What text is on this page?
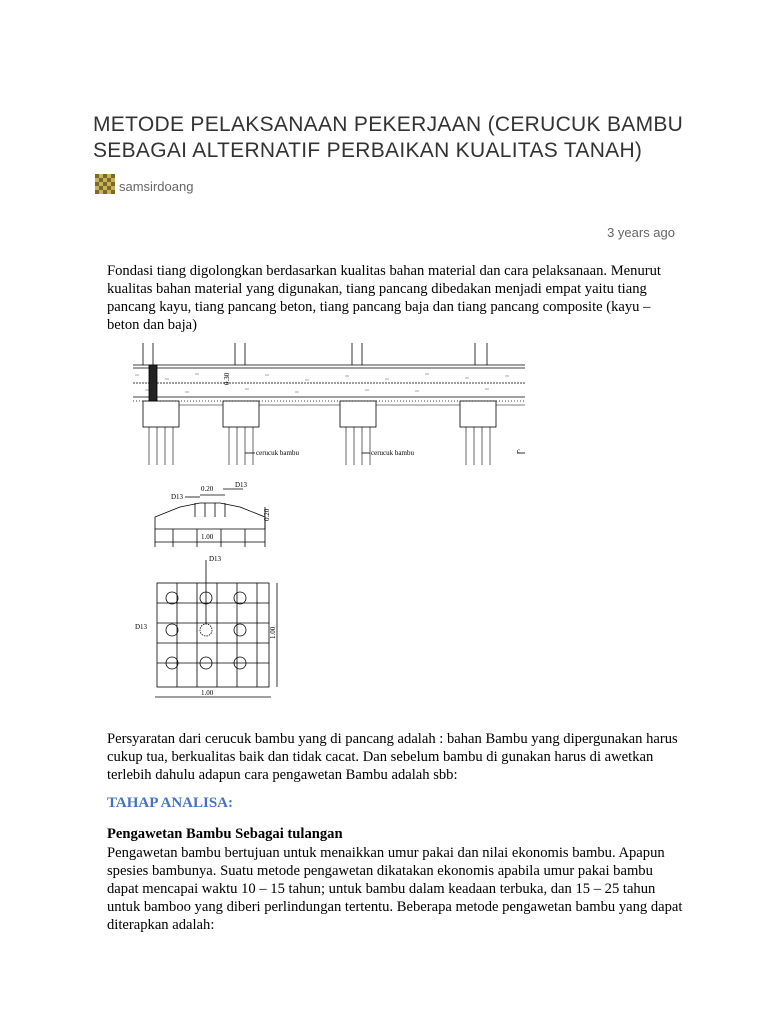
METODE PELAKSANAAN PEKERJAAN (CERUCUK BAMBU SEBAGAI ALTERNATIF PERBAIKAN KUALITAS TANAH)
samsirdoang
3 years ago

Fondasi tiang digolongkan berdasarkan kualitas bahan material dan cara pelaksanaan. Menurut kualitas bahan material yang digunakan, tiang pancang dibedakan menjadi empat yaitu tiang pancang kayu, tiang pancang beton, tiang pancang baja dan tiang pancang composite (kayu – beton dan baja)

cerucuk bambu	cerucuk bambu	c
0.30
D13
0.20	D13
1.00
0.20
D13
D13
1.00
1.00

Persyaratan dari cerucuk bambu yang di pancang adalah : bahan Bambu yang dipergunakan harus cukup tua, berkualitas baik dan tidak cacat. Dan sebelum bambu di gunakan harus di awetkan terlebih dahulu adapun cara pengawetan Bambu adalah sbb:

TAHAP ANALISA:
Pengawetan Bambu Sebagai tulangan

Pengawetan bambu bertujuan untuk menaikkan umur pakai dan nilai ekonomis bambu. Apapun spesies bambunya. Suatu metode pengawetan dikatakan ekonomis apabila umur pakai bambu dapat mencapai waktu 10 – 15 tahun; untuk bambu dalam keadaan terbuka, dan 15 – 25 tahun untuk bamboo yang diberi perlindungan tertentu. Beberapa metode pengawetan bambu yang dapat diterapkan adalah:
